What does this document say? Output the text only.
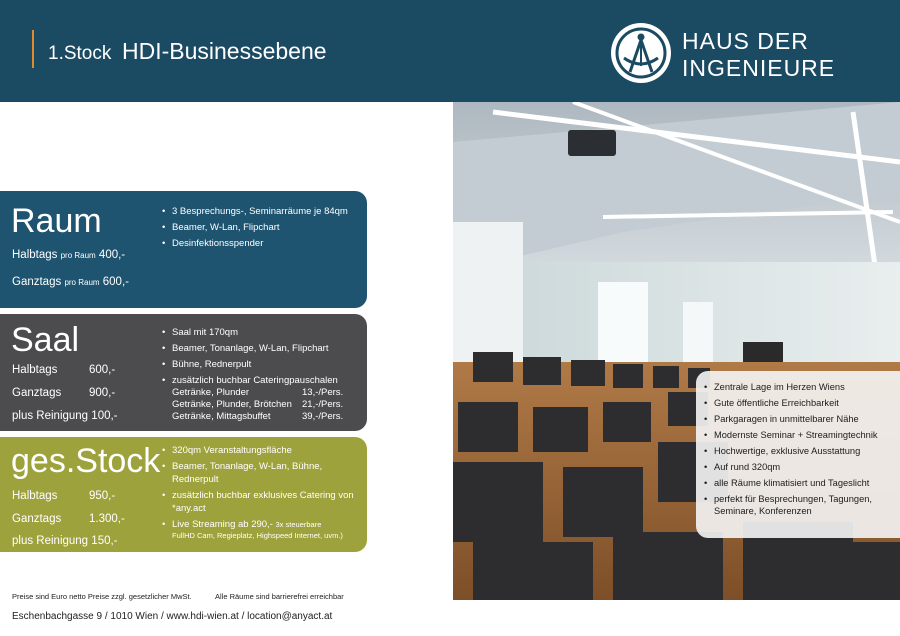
1.Stock HDI-Businessebene	HAUS DER
INGENIEURE
Raum
Halbtags pro Raum 400,-
Ganztags pro Raum 600,-
• 3 Besprechungs-, Seminarräume je 84qm
• Beamer, W-Lan, Flipchart
• Desinfektionsspender
Saal
Halbtags	600,-
Ganztags 900,-
plus Reinigung 100,-
• Saal mit 170qm
• Beamer, Tonanlage, W-Lan, Flipchart
• Bühne, Rednerpult
• zusätzlich buchbar Cateringpauschalen
Getränke, Plunder	13,-/Pers.
Getränke, Plunder, Brötchen 21,-/Pers.
Getränke, Mittagsbuffet	39,-/Pers.
ges.Stock
Halbtags	950,-
Ganztags 1.300,-
plus Reinigung 150,-
• 320qm Veranstaltungsfläche
• Beamer, Tonanlage, W-Lan, Bühne, Rednerpult
• zusätzlich buchbar exklusives Catering von *any.act
• Live Streaming ab 290,- 3x steuerbare
FullHD Cam, Regieplatz, Highspeed Internet, uvm.)
• Zentrale Lage im Herzen Wiens
• Gute öffentliche Erreichbarkeit
• Parkgaragen in unmittelbarer Nähe
• Modernste Seminar + Streamingtechnik
• Hochwertige, exklusive Ausstattung
• Auf rund 320qm
• alle Räume klimatisiert und Tageslicht
• perfekt für Besprechungen, Tagungen, Seminare, Konferenzen
Preise sind Euro netto Preise zzgl. gesetzlicher MwSt.	Alle Räume sind barrierefrei erreichbar
Eschenbachgasse 9 / 1010 Wien / www.hdi-wien.at / location@anyact.at
